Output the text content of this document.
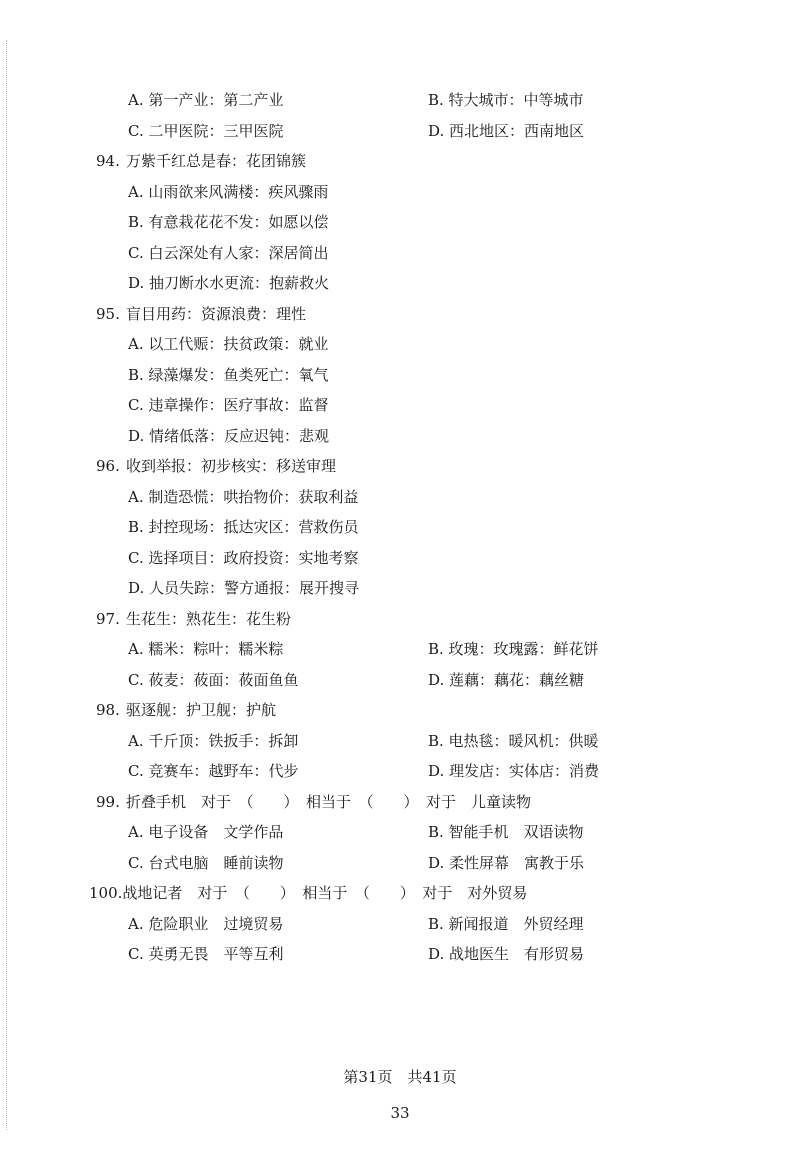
A. 第一产业：第二产业	B. 特大城市：中等城市
C. 二甲医院：三甲医院	D. 西北地区：西南地区
94. 万紫千红总是春：花团锦簇
A. 山雨欲来风满楼：疾风骤雨
B. 有意栽花花不发：如愿以偿
C. 白云深处有人家：深居简出
D. 抽刀断水水更流：抱薪救火
95. 盲目用药：资源浪费：理性
A. 以工代赈：扶贫政策：就业
B. 绿藻爆发：鱼类死亡：氧气
C. 违章操作：医疗事故：监督
D. 情绪低落：反应迟钝：悲观
96. 收到举报：初步核实：移送审理
A. 制造恐慌：哄抬物价：获取利益
B. 封控现场：抵达灾区：营救伤员
C. 选择项目：政府投资：实地考察
D. 人员失踪：警方通报：展开搜寻
97. 生花生：熟花生：花生粉
A. 糯米：粽叶：糯米粽	B. 玫瑰：玫瑰露：鲜花饼
C. 莜麦：莜面：莜面鱼鱼	D. 莲藕：藕花：藕丝糖
98. 驱逐舰：护卫舰：护航
A. 千斤顶：铁扳手：拆卸	B. 电热毯：暖风机：供暖
C. 竞赛车：越野车：代步	D. 理发店：实体店：消费
99. 折叠手机　对于　（　　）　相当于　（　　）　对于　儿童读物
A. 电子设备　文学作品	B. 智能手机　双语读物
C. 台式电脑　睡前读物	D. 柔性屏幕　寓教于乐
100.战地记者　对于　（　　）　相当于　（　　）　对于　对外贸易
A. 危险职业　过境贸易	B. 新闻报道　外贸经理
C. 英勇无畏　平等互利	D. 战地医生　有形贸易
第31页　共41页
33
